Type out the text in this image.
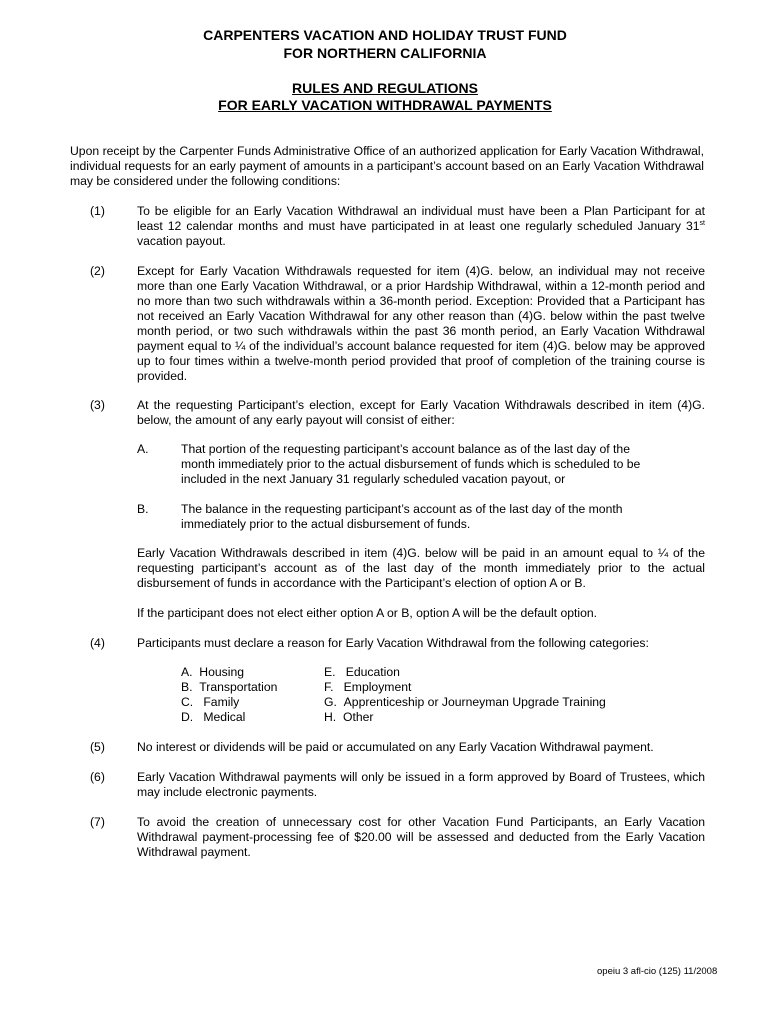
CARPENTERS VACATION AND HOLIDAY TRUST FUND
FOR NORTHERN CALIFORNIA
RULES AND REGULATIONS
FOR EARLY VACATION WITHDRAWAL PAYMENTS
Upon receipt by the Carpenter Funds Administrative Office of an authorized application for Early Vacation Withdrawal, individual requests for an early payment of amounts in a participant’s account based on an Early Vacation Withdrawal may be considered under the following conditions:
(1)	To be eligible for an Early Vacation Withdrawal an individual must have been a Plan Participant for at least 12 calendar months and must have participated in at least one regularly scheduled January 31st vacation payout.
(2)	Except for Early Vacation Withdrawals requested for item (4)G. below, an individual may not receive more than one Early Vacation Withdrawal, or a prior Hardship Withdrawal, within a 12-month period and no more than two such withdrawals within a 36-month period. Exception: Provided that a Participant has not received an Early Vacation Withdrawal for any other reason than (4)G. below within the past twelve month period, or two such withdrawals within the past 36 month period, an Early Vacation Withdrawal payment equal to ¼ of the individual’s account balance requested for item (4)G. below may be approved up to four times within a twelve-month period provided that proof of completion of the training course is provided.
(3)	At the requesting Participant’s election, except for Early Vacation Withdrawals described in item (4)G. below, the amount of any early payout will consist of either:
A.	That portion of the requesting participant’s account balance as of the last day of the month immediately prior to the actual disbursement of funds which is scheduled to be included in the next January 31 regularly scheduled vacation payout, or
B.	The balance in the requesting participant’s account as of the last day of the month immediately prior to the actual disbursement of funds.
Early Vacation Withdrawals described in item (4)G. below will be paid in an amount equal to ¼ of the requesting participant’s account as of the last day of the month immediately prior to the actual disbursement of funds in accordance with the Participant’s election of option A or B.
If the participant does not elect either option A or B, option A will be the default option.
(4)	Participants must declare a reason for Early Vacation Withdrawal from the following categories:
A. Housing
B. Transportation
C. Family
D. Medical
E. Education
F. Employment
G. Apprenticeship or Journeyman Upgrade Training
H. Other
(5)	No interest or dividends will be paid or accumulated on any Early Vacation Withdrawal payment.
(6)	Early Vacation Withdrawal payments will only be issued in a form approved by Board of Trustees, which may include electronic payments.
(7)	To avoid the creation of unnecessary cost for other Vacation Fund Participants, an Early Vacation Withdrawal payment-processing fee of $20.00 will be assessed and deducted from the Early Vacation Withdrawal payment.
opeiu 3 afl-cio (125) 11/2008
